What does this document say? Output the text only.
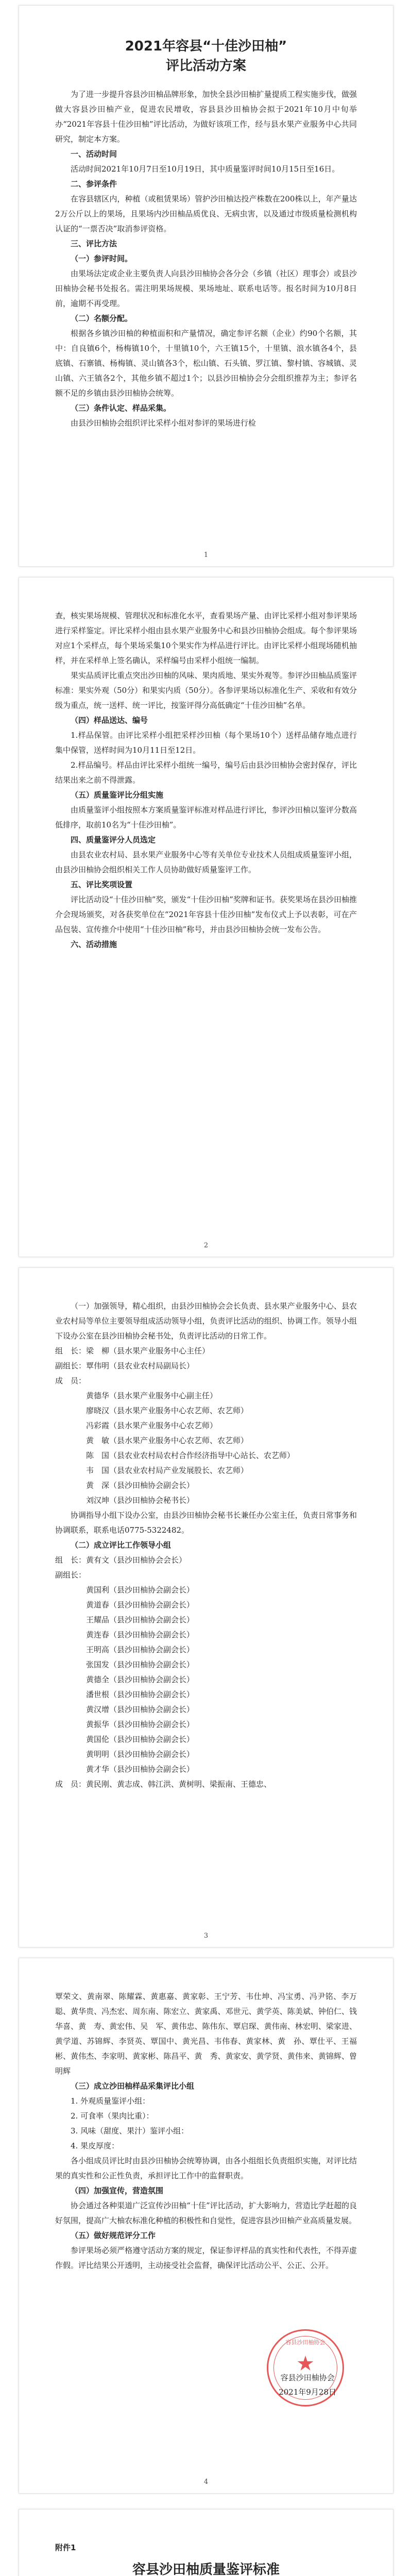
2021年容县“十佳沙田柚”

评比活动方案

为了进一步提升容县沙田柚品牌形象，加快全县沙田柚扩量提质工程实施步伐，做强做大容县沙田柚产业，促进农民增收，容县县沙田柚协会拟于2021年10月中旬举办“2021年容县十佳沙田柚”评比活动，为做好该项工作，经与县水果产业服务中心共同研究，制定本方案。

一、活动时间

活动时间2021年10月7日至10月19日，其中质量鉴评时间10月15日至16日。

二、参评条件

在容县辖区内，种植（或租赁果场）管护沙田柚达投产株数在200株以上，年产量达2万公斤以上的果场，且果场内沙田柚品质优良、无病虫害，以及通过市级质量检测机构认证的“一票否决”取消参评资格。

三、评比方法

（一）参评时间。

由果场法定或企业主要负责人向县沙田柚协会各分会（乡镇（社区）理事会）或县沙田柚协会秘书处报名。需注明果场规模、果场地址、联系电话等。报名时间为10月8日前，逾期不再受理。

（二）名额分配。

根据各乡镇沙田柚的种植面积和产量情况，确定参评名额（企业）约90个名额，其中：自良镇6个，杨梅镇10个，十里镇10个，六王镇15个，十里镇、浪水镇各4个，县底镇、石寨镇、杨梅镇、灵山镇各3个，松山镇、石头镇、罗江镇、黎村镇、容城镇、灵山镇、六王镇各2个，其他乡镇不超过1个；以县沙田柚协会分会组织推荐为主；参评名额不足的乡镇由县沙田柚协会统筹。

（三）条件认定、样品采集。

由县沙田柚协会组织评比采样小组对参评的果场进行检

1

查，核实果场规模、管理状况和标准化水平，查看果场产量、由评比采样小组对参评果场进行采样鉴定。评比采样小组由县水果产业服务中心和县沙田柚协会组成。每个参评果场对应1个采样点，每个果场采集10个果实作为样品进行评比。由评比采样小组现场随机抽样，并在采样单上签名确认，采样编号由采样小组统一编制。

果实品质评比重点突出沙田柚的风味、果肉质地、果实外观等。参评沙田柚品质鉴评标准：果实外观（50分）和果实内质（50分）。各参评果场以标准化生产、采收和有效分级为重点，统一送样、统一评比，按鉴评得分高低确定“十佳沙田柚”名单。

（四）样品送达、编号

1.样品保管。由评比采样小组把采样沙田柚（每个果场10个）送样品储存地点进行集中保管，送样时间为10月11日至12日。

2.样品编号。样品由评比采样小组统一编号，编号后由县沙田柚协会密封保存，评比结果出来之前不得泄露。

（五）质量鉴评比分组实施

由质量鉴评小组按照本方案质量鉴评标准对样品进行评比，参评沙田柚以鉴评分数高低排序，取前10名为“十佳沙田柚”。

四、质量鉴评分人员选定

由县农业农村局、县水果产业服务中心等有关单位专业技术人员组成质量鉴评小组，由县沙田柚协会组织相关工作人员协助做好质量鉴评工作。

五、评比奖项设置

评比活动设“十佳沙田柚”奖，颁发“十佳沙田柚”奖牌和证书。获奖果场在县沙田柚推介会现场颁奖，对各获奖单位在“2021年容县十佳沙田柚”发布仪式上予以表彰，可在产品包装、宣传推介中使用“十佳沙田柚”称号，并由县沙田柚协会统一发布公告。

六、活动措施

2

（一）加强领导，精心组织，由县沙田柚协会会长负责、县水果产业服务中心、县农业农村局等单位主要领导组成活动领导小组，负责评比活动的组织、协调工作。领导小组下设办公室在县沙田柚协会秘书处，负责评比活动的日常工作。

组　长：梁　柳（县水果产业服务中心主任）

副组长：覃伟明（县农业农村局副局长）

成　员：

黄德华（县水果产业服务中心副主任）

廖晓汉（县水果产业服务中心农艺师、农艺师）

冯彩霞（县水果产业服务中心农艺师）

黄　敏（县水果产业服务中心农艺师、农艺师）

陈　国（县农业农村局农村合作经济指导中心站长、农艺师）

韦　国（县农业农村局产业发展股长、农艺师）

黄　深（县沙田柚协会副会长）

刘汉坤（县沙田柚协会秘书长）

协调指导小组下设办公室，由县沙田柚协会秘书长兼任办公室主任，负责日常事务和协调联系，联系电话0775-5322482。

（二）成立评比工作领导小组

组　长：黄有文（县沙田柚协会会长）

副组长：

黄国利（县沙田柚协会副会长）

黄道春（县沙田柚协会副会长）

王耀品（县沙田柚协会副会长）

黄连春（县沙田柚协会副会长）

王明高（县沙田柚协会副会长）

张国发（县沙田柚协会副会长）

黄德全（县沙田柚协会副会长）

潘世根（县沙田柚协会副会长）

黄汉增（县沙田柚协会副会长）

黄振华（县沙田柚协会副会长）

黄国伦（县沙田柚协会副会长）

黄明明（县沙田柚协会副会长）

黄才华（县沙田柚协会副会长）

成　员：黄民刚、黄志成、韩江洪、黄树明、梁振南、王德忠、

3

覃荣文、黄南翠、陈耀霖、黄惠嘉、黄家彰、王宁芳、韦仕坤、冯宝勇、冯尹铭、李万聪、黄华贵、冯杰宏、周东南、陈宏立、黄家禹、邓世元、黄学英、陈美斌、钟伯仁、钱华喜、黄　寿、黄宏伟、吴　军、黄伟忠、陈伟东、覃启琛、黄伟南、林宏明、梁家进、黄学道、苏锦辉、李贤英、覃国中、黄光昌、韦伟春、黄家林、黄　孙、覃仕平、王福彬、黄伟杰、李家明、黄家彬、陈昌平、黄　秀、黄家安、黄学贤、黄伟来、黄锦辉、曾明辉

（三）成立沙田柚样品采集评比小组

1. 外观质量鉴评小组：

2. 可食率（果肉比重）：

3. 风味（甜度、果汁）鉴评小组：

4. 果皮厚度：

各小组成员评比时由县沙田柚协会统筹协调，由各小组组长负责组织实施，对评比结果的真实性和公正性负责，承担评比工作中的监督职责。

（四）加强宣传，营造氛围

协会通过各种渠道广泛宣传沙田柚“十佳”评比活动，扩大影响力，营造比学赶超的良好氛围，提高广大柚农标准化种植的积极性和自觉性，促进容县沙田柚产业高质量发展。

（五）做好规范评分工作

参评果场必须严格遵守活动方案的规定，保证参评样品的真实性和代表性，不得弄虚作假。评比结果公开透明，主动接受社会监督，确保评比活动公平、公正、公开。

容县沙田柚协会
★
容县沙田柚协会
2021年9月28日
4

附件1

容县沙田柚质量鉴评标准
